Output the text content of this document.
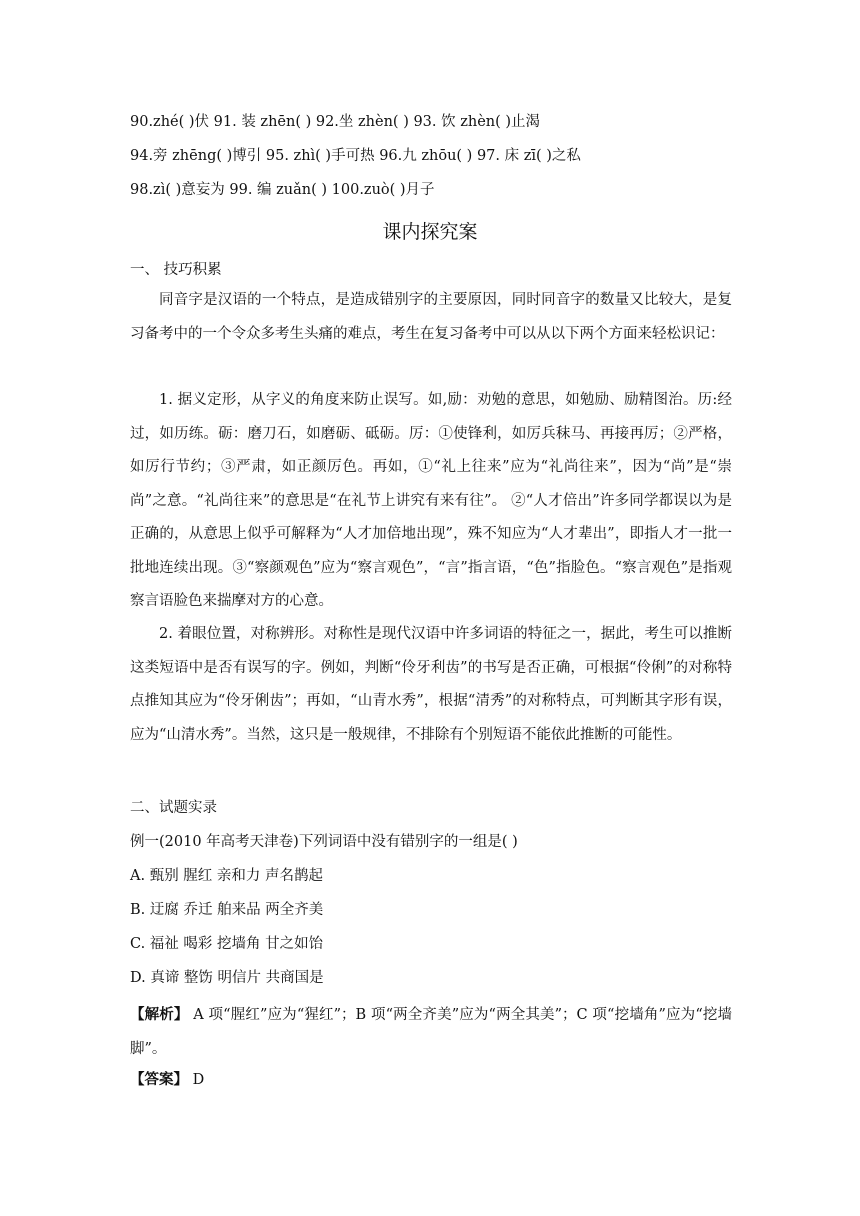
90.zhé( )伏 91. 装 zhēn( ) 92.坐 zhèn( ) 93. 饮 zhèn( )止渴
94.旁 zhēng( )博引 95. zhì( )手可热 96.九 zhōu( ) 97. 床 zī( )之私
98.zì( )意妄为 99. 编 zuǎn( ) 100.zuò( )月子
课内探究案
一、 技巧积累
同音字是汉语的一个特点，是造成错别字的主要原因，同时同音字的数量又比较大，是复习备考中的一个令众多考生头痛的难点，考生在复习备考中可以从以下两个方面来轻松识记：
1. 据义定形，从字义的角度来防止误写。如,励：劝勉的意思，如勉励、励精图治。历:经过，如历练。砺：磨刀石，如磨砺、砥砺。厉：①使锋利，如厉兵秣马、再接再厉；②严格，如厉行节约；③严肃，如正颜厉色。再如，①“礼上往来”应为“礼尚往来”，因为“尚”是“崇尚”之意。“礼尚往来”的意思是“在礼节上讲究有来有往”。 ②“人才倍出”许多同学都误以为是正确的，从意思上似乎可解释为“人才加倍地出现”，殊不知应为“人才辈出”，即指人才一批一批地连续出现。③“察颜观色”应为“察言观色”，“言”指言语，“色”指脸色。“察言观色”是指观察言语脸色来揣摩对方的心意。
2. 着眼位置，对称辨形。对称性是现代汉语中许多词语的特征之一，据此，考生可以推断这类短语中是否有误写的字。例如，判断“伶牙利齿”的书写是否正确，可根据“伶俐”的对称特点推知其应为“伶牙俐齿”；再如，“山青水秀”，根据“清秀”的对称特点，可判断其字形有误，应为“山清水秀”。当然，这只是一般规律，不排除有个别短语不能依此推断的可能性。
二、试题实录
例一(2010 年高考天津卷)下列词语中没有错别字的一组是( )
A. 甄别 腥红 亲和力 声名鹊起
B. 迂腐 乔迁 舶来品 两全齐美
C. 福祉 喝彩 挖墙角 甘之如饴
D. 真谛 整饬 明信片 共商国是
【解析】 A 项“腥红”应为“猩红”；B 项“两全齐美”应为“两全其美”；C 项“挖墙角”应为“挖墙脚”。
【答案】 D
